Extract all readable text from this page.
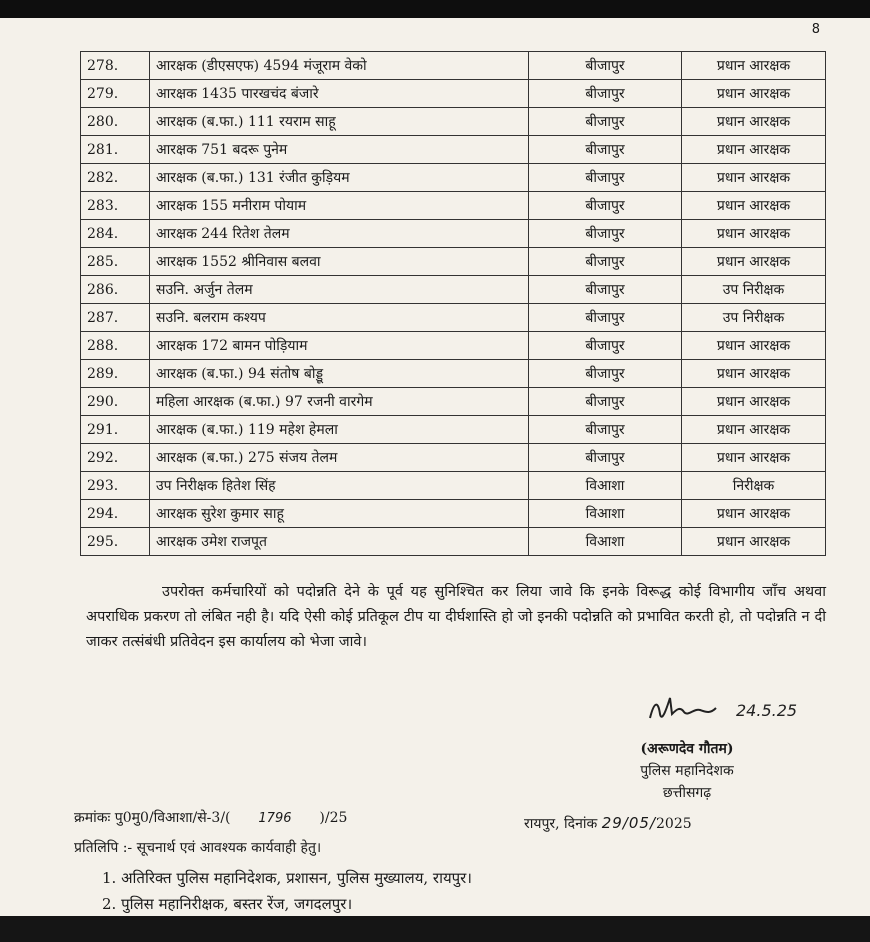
8
278.	आरक्षक (डीएसएफ) 4594 मंजूराम वेको	बीजापुर	प्रधान आरक्षक
279.	आरक्षक 1435 पारखचंद बंजारे	बीजापुर	प्रधान आरक्षक
280.	आरक्षक (ब.फा.) 111 रयराम साहू	बीजापुर	प्रधान आरक्षक
281.	आरक्षक 751 बदरू पुनेम	बीजापुर	प्रधान आरक्षक
282.	आरक्षक (ब.फा.) 131 रंजीत कुड़ियम	बीजापुर	प्रधान आरक्षक
283.	आरक्षक 155 मनीराम पोयाम	बीजापुर	प्रधान आरक्षक
284.	आरक्षक 244 रितेश तेलम	बीजापुर	प्रधान आरक्षक
285.	आरक्षक 1552 श्रीनिवास बलवा	बीजापुर	प्रधान आरक्षक
286.	सउनि. अर्जुन तेलम	बीजापुर	उप निरीक्षक
287.	सउनि. बलराम कश्यप	बीजापुर	उप निरीक्षक
288.	आरक्षक 172 बामन पोड़ियाम	बीजापुर	प्रधान आरक्षक
289.	आरक्षक (ब.फा.) 94 संतोष बोड्डू	बीजापुर	प्रधान आरक्षक
290.	महिला आरक्षक (ब.फा.) 97 रजनी वारगेम	बीजापुर	प्रधान आरक्षक
291.	आरक्षक (ब.फा.) 119 महेश हेमला	बीजापुर	प्रधान आरक्षक
292.	आरक्षक (ब.फा.) 275 संजय तेलम	बीजापुर	प्रधान आरक्षक
293.	उप निरीक्षक हितेश सिंह	विआशा	निरीक्षक
294.	आरक्षक सुरेश कुमार साहू	विआशा	प्रधान आरक्षक
295.	आरक्षक उमेश राजपूत	विआशा	प्रधान आरक्षक

उपरोक्त कर्मचारियों को पदोन्नति देने के पूर्व यह सुनिश्चित कर लिया जावे कि इनके विरूद्ध कोई विभागीय जाँच अथवा अपराधिक प्रकरण तो लंबित नही है। यदि ऐसी कोई प्रतिकूल टीप या दीर्घशास्ति हो जो इनकी पदोन्नति को प्रभावित करती हो, तो पदोन्नति न दी जाकर तत्संबंधी प्रतिवेदन इस कार्यालय को भेजा जावे।

24.5.25
(अरूणदेव गौतम)
पुलिस महानिदेशक
छत्तीसगढ़
क्रमांकः पु0मु0/विआशा/से-3/( 1796 )/25	रायपुर, दिनांक 29/05/2025
प्रतिलिपि :- सूचनार्थ एवं आवश्यक कार्यवाही हेतु।
1. अतिरिक्त पुलिस महानिदेशक, प्रशासन, पुलिस मुख्यालय, रायपुर।
2. पुलिस महानिरीक्षक, बस्तर रेंज, जगदलपुर।
